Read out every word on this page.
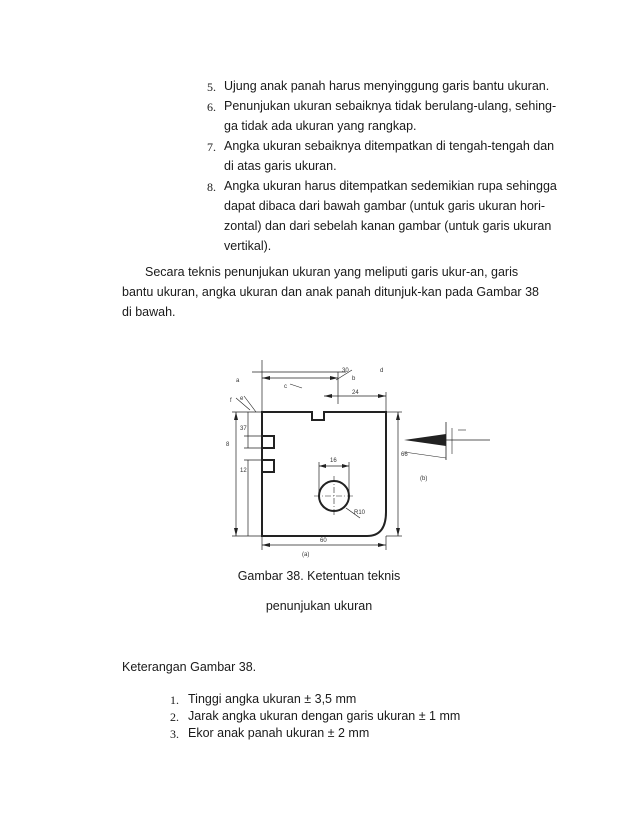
5. Ujung anak panah harus menyinggung garis bantu ukuran.
6. Penunjukan ukuran sebaiknya tidak berulang-ulang, sehing-
ga tidak ada ukuran yang rangkap.
7. Angka ukuran sebaiknya ditempatkan di tengah-tengah dan
di atas garis ukuran.
8. Angka ukuran harus ditempatkan sedemikian rupa sehingga
dapat dibaca dari bawah gambar (untuk garis ukuran hori-
zontal) dan dari sebelah kanan gambar (untuk garis ukuran
vertikal).
Secara teknis penunjukan ukuran yang meliputi garis ukur-an, garis
bantu ukuran, angka ukuran dan anak panah ditunjuk-kan pada Gambar 38
di bawah.
30
b
d
a
c
24
f e
37
8
12
66
16
R10
60
(a)
(b)
Gambar 38. Ketentuan teknis
penunjukan ukuran
Keterangan Gambar 38.
1. Tinggi angka ukuran ± 3,5 mm
2. Jarak angka ukuran dengan garis ukuran ± 1 mm
3. Ekor anak panah ukuran ± 2 mm
